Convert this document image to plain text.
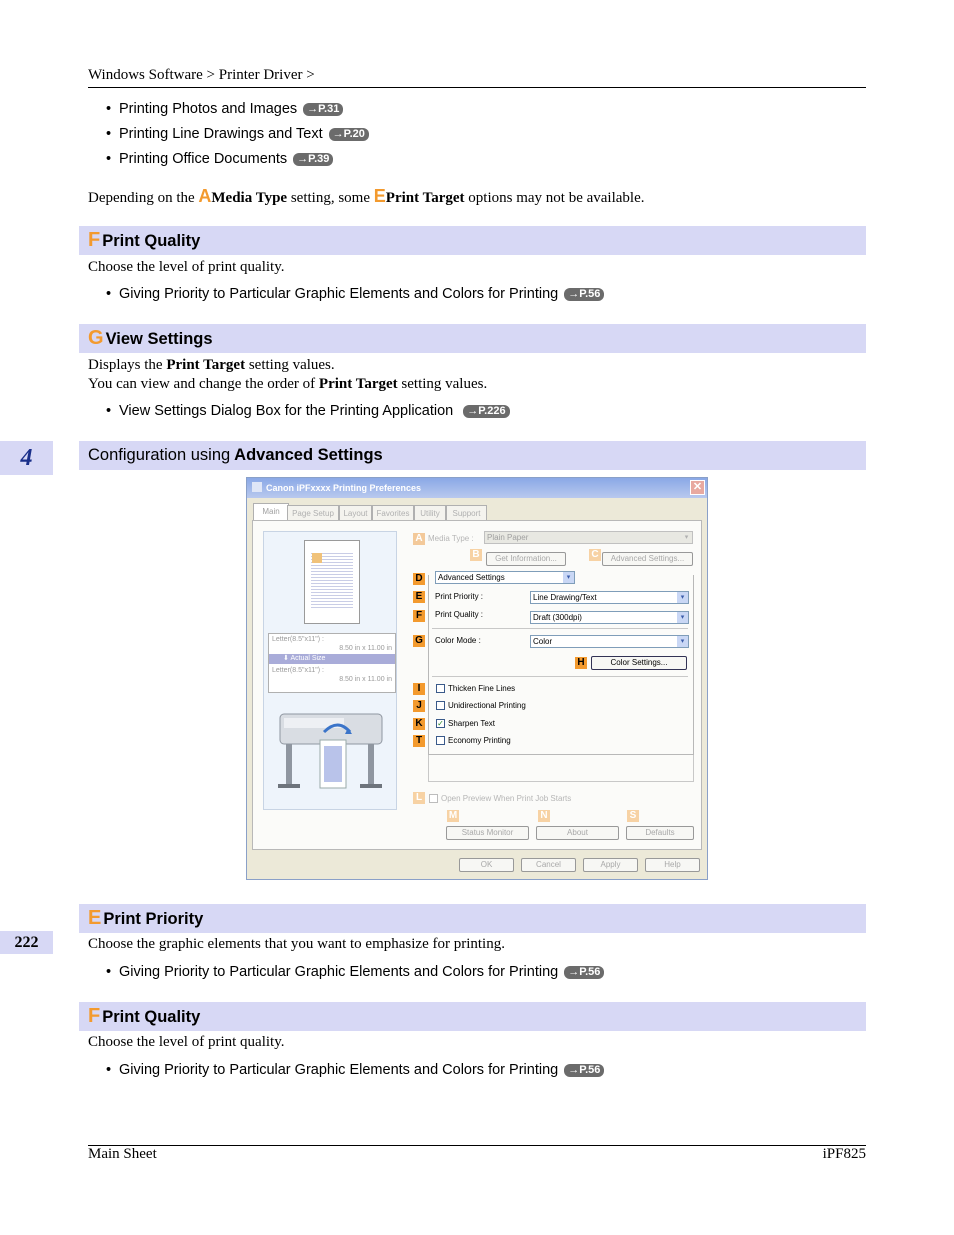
Windows Software > Printer Driver >
• Printing Photos and Images →P.31
• Printing Line Drawings and Text →P.20
• Printing Office Documents →P.39
Depending on the AMedia Type setting, some EPrint Target options may not be available.
F Print Quality
Choose the level of print quality.
• Giving Priority to Particular Graphic Elements and Colors for Printing →P.56
G View Settings
Displays the Print Target setting values.
You can view and change the order of Print Target setting values.
• View Settings Dialog Box for the Printing Application →P.226
4	Configuration using Advanced Settings
Canon iPFxxxx Printing Preferences	✕
Main	Page Setup	Layout	Favorites	Utility	Support
Letter(8.5"x11") :
8.50 in x 11.00 in
⬇ Actual Size
Letter(8.5"x11") :
8.50 in x 11.00 in
A Media Type :	Plain Paper	▾
B	Get Information...	C	Advanced Settings...
D	Advanced Settings	▾
E	Print Priority :	Line Drawing/Text	▾
F	Print Quality :	Draft (300dpi)	▾
G Color Mode :	Color	▾
H	Color Settings...
I	Thicken Fine Lines
J	Unidirectional Printing
K ✓ Sharpen Text
T	Economy Printing
L	Open Preview When Print Job Starts
M	N	S
Status Monitor	About	Defaults
OK	Cancel	Apply	Help
E Print Priority
Choose the graphic elements that you want to emphasize for printing.
• Giving Priority to Particular Graphic Elements and Colors for Printing →P.56
222
F Print Quality
Choose the level of print quality.
• Giving Priority to Particular Graphic Elements and Colors for Printing →P.56
Main Sheet	iPF825
